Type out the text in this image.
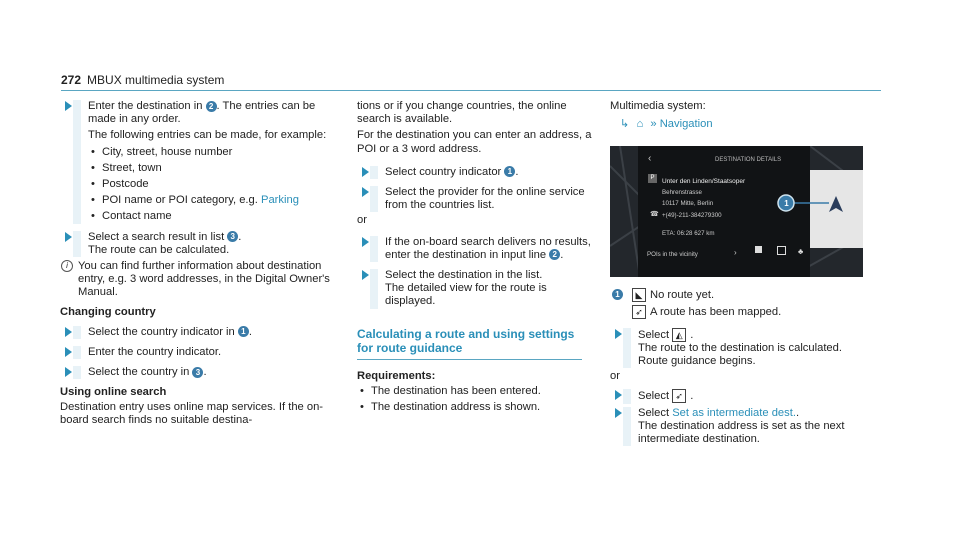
272 MBUX multimedia system

Enter the destination in 2 . The entries can be made in any order.

The following entries can be made, for example:

• City, street, house number
• Street, town
• Postcode
• POI name or POI category, e.g. Parking
• Contact name

Select a search result in list 3 .
The route can be calculated.

i You can find further information about destination entry, e.g. 3 word addresses, in the Digital Owner's Manual.
Changing country

Select the country indicator in 1 .

Enter the country indicator.

Select the country in 3 .

Using online search

Destination entry uses online map services. If the on-board search finds no suitable destina-

tions or if you change countries, the online search is available.

For the destination you can enter an address, a POI or a 3 word address.

Select country indicator 1 .

Select the provider for the online service from the countries list.

or

If the on-board search delivers no results, enter the destination in input line 2 .

Select the destination in the list.
The detailed view for the route is displayed.

Calculating a route and using settings for route guidance
Requirements:
• The destination has been entered.
• The destination address is shown.

Multimedia system:

↳ ⌂ » Navigation
‹	DESTINATION DETAILS
P	Unter den Linden/Staatsoper
Behrenstrasse
10117 Mitte, Berlin
☎ +(49)-211-384279300
ETA: 06:28 627 km
POIs in the vicinity	›	♣
1
1	◣ No route yet.

➶ A route has been mapped.

Select ◭ .
The route to the destination is calculated.
Route guidance begins.

or

Select ➶ .

Select Set as intermediate dest..
The destination address is set as the next intermediate destination.
